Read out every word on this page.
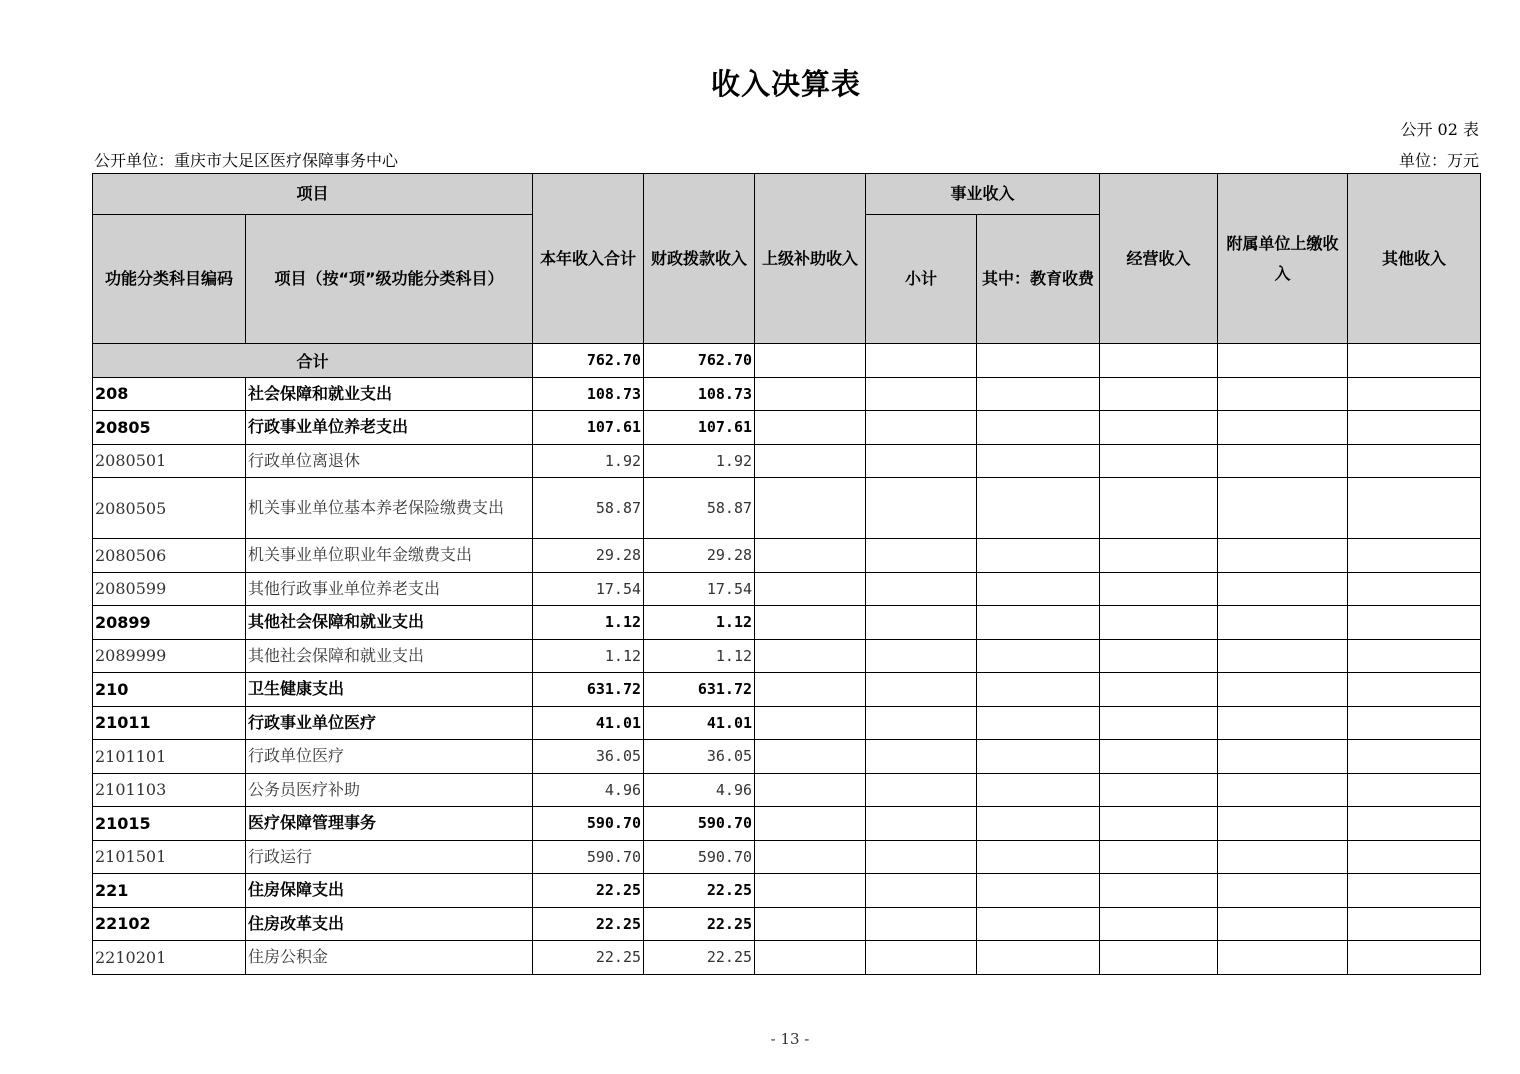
收入决算表
公开 02 表
公开单位：重庆市大足区医疗保障事务中心	单位：万元
项目		本年收入合计	财政拨款收入	上级补助收入	事业收入		经营收入	附属单位上缴收入	其他收入
功能分类科目编码	项目（按“项”级功能分类科目）				小计	其中：教育收费			
合计		762.70	762.70						
208	社会保障和就业支出	108.73	108.73						
20805	行政事业单位养老支出	107.61	107.61						
2080501	行政单位离退休	1.92	1.92						
2080505	机关事业单位基本养老保险缴费支出	58.87	58.87						
2080506	机关事业单位职业年金缴费支出	29.28	29.28						
2080599	其他行政事业单位养老支出	17.54	17.54						
20899	其他社会保障和就业支出	1.12	1.12						
2089999	其他社会保障和就业支出	1.12	1.12						
210	卫生健康支出	631.72	631.72						
21011	行政事业单位医疗	41.01	41.01						
2101101	行政单位医疗	36.05	36.05						
2101103	公务员医疗补助	4.96	4.96						
21015	医疗保障管理事务	590.70	590.70						
2101501	行政运行	590.70	590.70						
221	住房保障支出	22.25	22.25						
22102	住房改革支出	22.25	22.25						
2210201	住房公积金	22.25	22.25						
- 13 -
